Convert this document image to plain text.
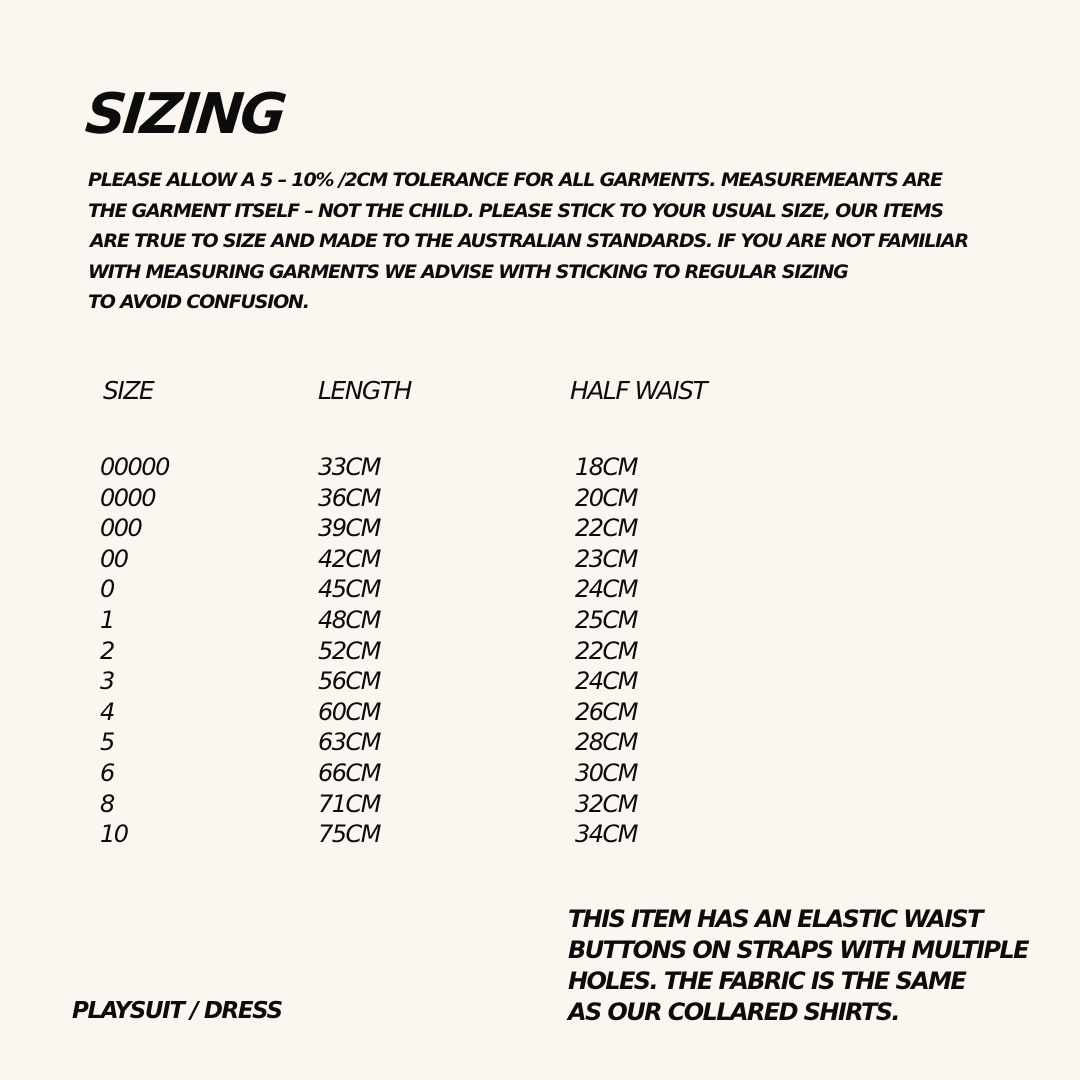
SIZING
PLEASE ALLOW A 5 – 10% /2CM TOLERANCE FOR ALL GARMENTS. MEASUREMEANTS ARE
THE GARMENT ITSELF – NOT THE CHILD. PLEASE STICK TO YOUR USUAL SIZE, OUR ITEMS
ARE TRUE TO SIZE AND MADE TO THE AUSTRALIAN STANDARDS. IF YOU ARE NOT FAMILIAR
WITH MEASURING GARMENTS WE ADVISE WITH STICKING TO REGULAR SIZING
TO AVOID CONFUSION.
SIZE	LENGTH	HALF WAIST
00000
0000
000
00
0
1
2
3
4
5
6
8
10
33CM
36CM
39CM
42CM
45CM
48CM
52CM
56CM
60CM
63CM
66CM
71CM
75CM
18CM
20CM
22CM
23CM
24CM
25CM
22CM
24CM
26CM
28CM
30CM
32CM
34CM
THIS ITEM HAS AN ELASTIC WAIST
BUTTONS ON STRAPS WITH MULTIPLE
HOLES. THE FABRIC IS THE SAME
AS OUR COLLARED SHIRTS.
PLAYSUIT / DRESS
